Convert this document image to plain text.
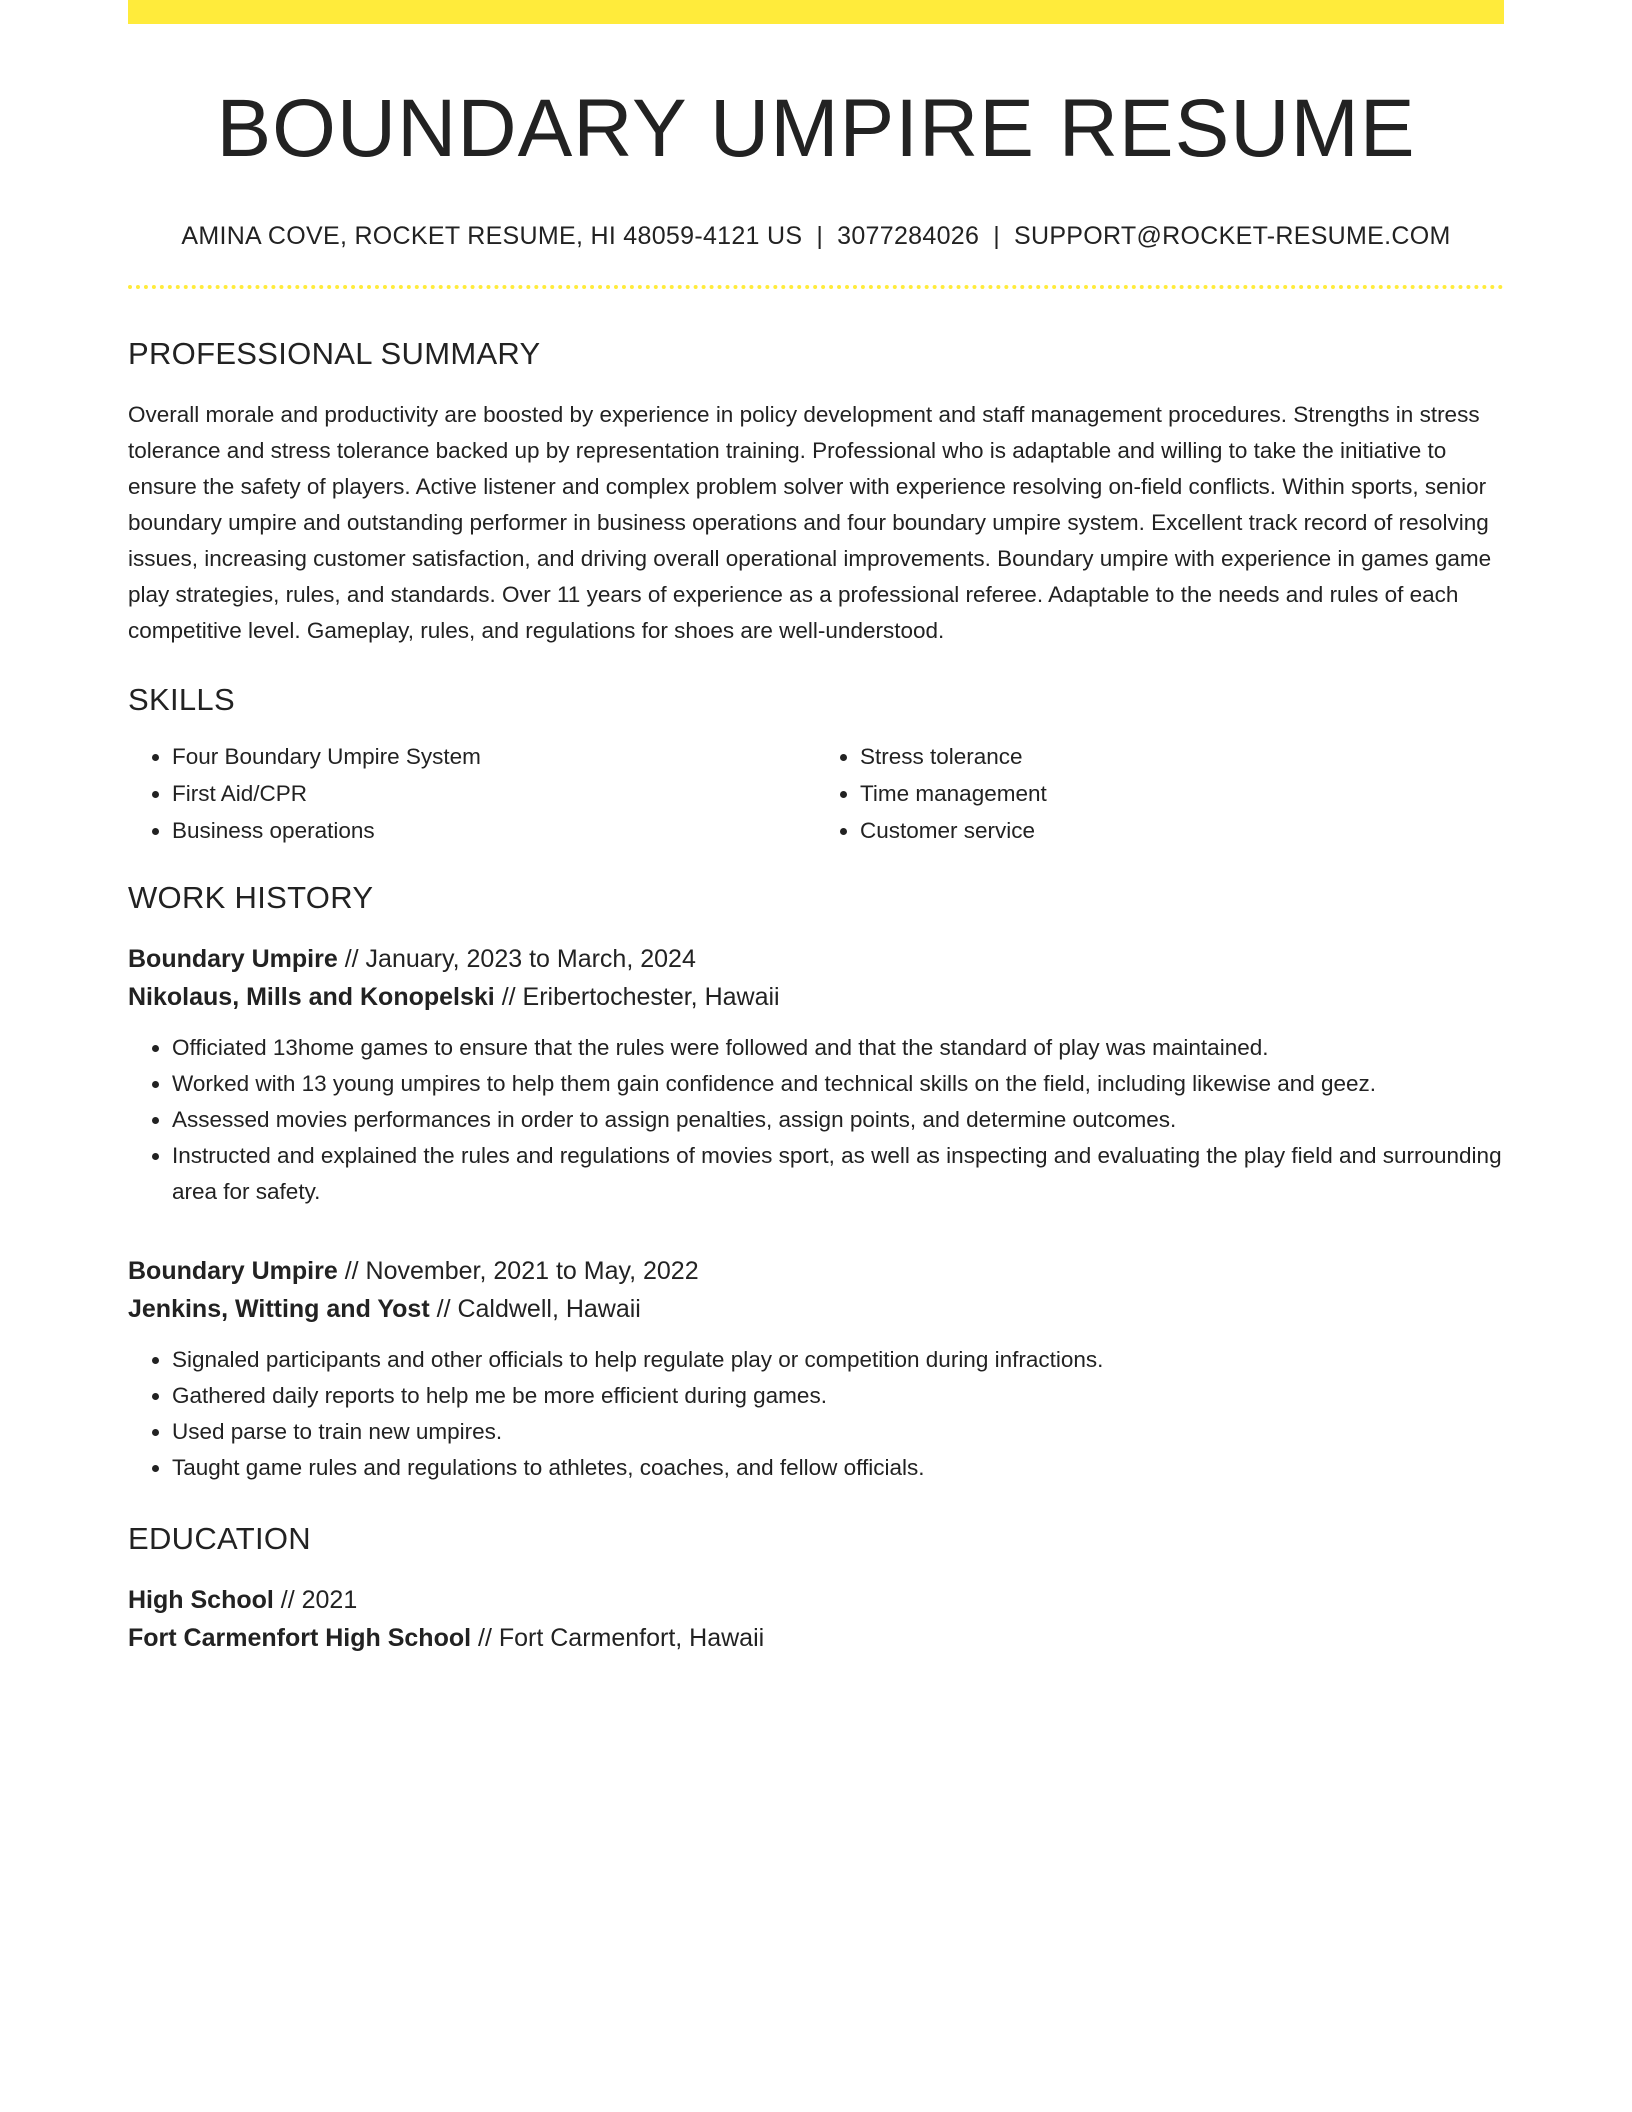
BOUNDARY UMPIRE RESUME
AMINA COVE, ROCKET RESUME, HI 48059-4121 US | 3077284026 | SUPPORT@ROCKET-RESUME.COM
PROFESSIONAL SUMMARY

Overall morale and productivity are boosted by experience in policy development and staff management procedures. Strengths in stress tolerance and stress tolerance backed up by representation training. Professional who is adaptable and willing to take the initiative to ensure the safety of players. Active listener and complex problem solver with experience resolving on-field conflicts. Within sports, senior boundary umpire and outstanding performer in business operations and four boundary umpire system. Excellent track record of resolving issues, increasing customer satisfaction, and driving overall operational improvements. Boundary umpire with experience in games game play strategies, rules, and standards. Over 11 years of experience as a professional referee. Adaptable to the needs and rules of each competitive level. Gameplay, rules, and regulations for shoes are well-understood.

SKILLS
• Four Boundary Umpire System
• First Aid/CPR
• Business operations
• Stress tolerance
• Time management
• Customer service
WORK HISTORY
Boundary Umpire // January, 2023 to March, 2024
Nikolaus, Mills and Konopelski // Eribertochester, Hawaii
• Officiated 13home games to ensure that the rules were followed and that the standard of play was maintained.
• Worked with 13 young umpires to help them gain confidence and technical skills on the field, including likewise and geez.
• Assessed movies performances in order to assign penalties, assign points, and determine outcomes.
• Instructed and explained the rules and regulations of movies sport, as well as inspecting and evaluating the play field and surrounding area for safety.
Boundary Umpire // November, 2021 to May, 2022
Jenkins, Witting and Yost // Caldwell, Hawaii
• Signaled participants and other officials to help regulate play or competition during infractions.
• Gathered daily reports to help me be more efficient during games.
• Used parse to train new umpires.
• Taught game rules and regulations to athletes, coaches, and fellow officials.
EDUCATION
High School // 2021
Fort Carmenfort High School // Fort Carmenfort, Hawaii
